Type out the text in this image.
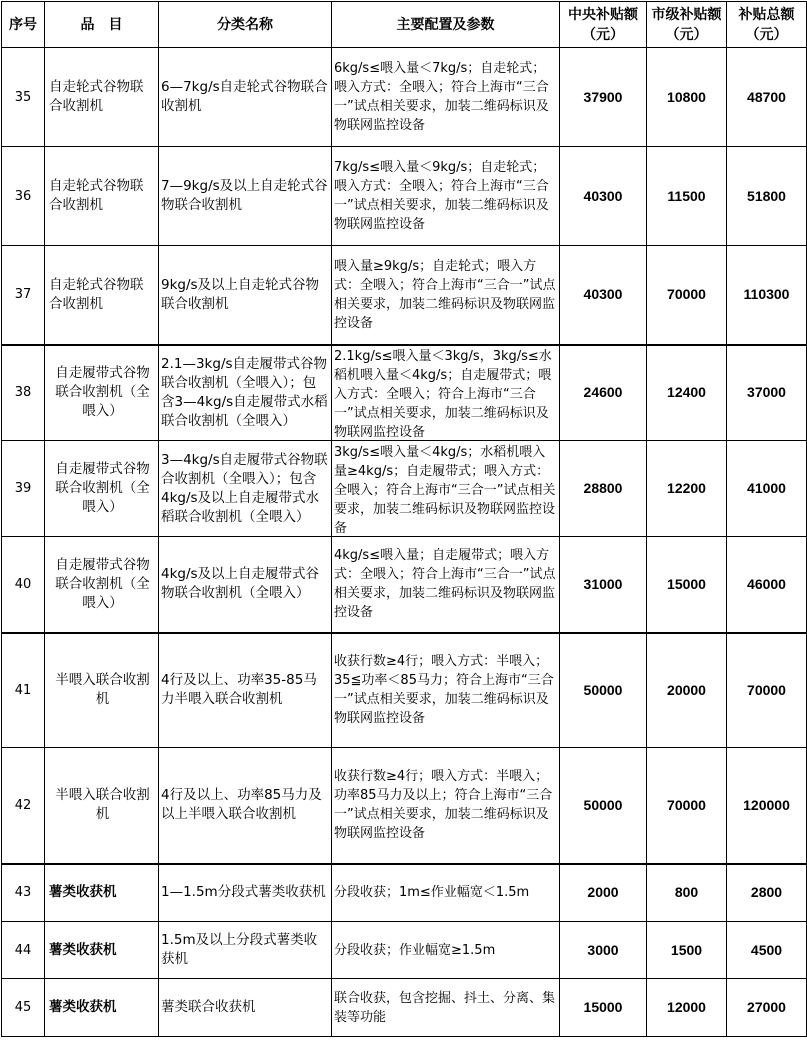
序号	品　目	分类名称	主要配置及参数	中央补贴额（元）	市级补贴额（元）	补贴总额（元）
35	自走轮式谷物联合收割机	6—7kg/s自走轮式谷物联合收割机	6kg/s≤喂入量＜7kg/s；自走轮式；喂入方式：全喂入；符合上海市“三合一”试点相关要求，加装二维码标识及物联网监控设备	37900	10800	48700
36	自走轮式谷物联合收割机	7—9kg/s及以上自走轮式谷物联合收割机	7kg/s≤喂入量＜9kg/s；自走轮式；喂入方式：全喂入；符合上海市“三合一”试点相关要求，加装二维码标识及物联网监控设备	40300	11500	51800
37	自走轮式谷物联合收割机	9kg/s及以上自走轮式谷物联合收割机	喂入量≥9kg/s；自走轮式；喂入方式：全喂入；符合上海市“三合一”试点相关要求，加装二维码标识及物联网监控设备	40300	70000	110300
38	自走履带式谷物联合收割机（全喂入）	2.1—3kg/s自走履带式谷物联合收割机（全喂入）；包含3—4kg/s自走履带式水稻联合收割机（全喂入）	2.1kg/s≤喂入量＜3kg/s，3kg/s≤水稻机喂入量＜4kg/s；自走履带式；喂入方式：全喂入；符合上海市“三合一”试点相关要求，加装二维码标识及物联网监控设备	24600	12400	37000
39	自走履带式谷物联合收割机（全喂入）	3—4kg/s自走履带式谷物联合收割机（全喂入）；包含4kg/s及以上自走履带式水稻联合收割机（全喂入）	3kg/s≤喂入量＜4kg/s；水稻机喂入量≥4kg/s；自走履带式；喂入方式：全喂入；符合上海市“三合一”试点相关要求，加装二维码标识及物联网监控设备	28800	12200	41000
40	自走履带式谷物联合收割机（全喂入）	4kg/s及以上自走履带式谷物联合收割机（全喂入）	4kg/s≤喂入量；自走履带式；喂入方式：全喂入；符合上海市“三合一”试点相关要求，加装二维码标识及物联网监控设备	31000	15000	46000
41	半喂入联合收割机	4行及以上、功率35-85马力半喂入联合收割机	收获行数≥4行；喂入方式：半喂入；35≦功率＜85马力；符合上海市“三合一”试点相关要求，加装二维码标识及物联网监控设备	50000	20000	70000
42	半喂入联合收割机	4行及以上、功率85马力及以上半喂入联合收割机	收获行数≥4行；喂入方式：半喂入；功率85马力及以上；符合上海市“三合一”试点相关要求，加装二维码标识及物联网监控设备	50000	70000	120000
43	薯类收获机	1—1.5m分段式薯类收获机	分段收获；1m≤作业幅宽＜1.5m	2000	800	2800
44	薯类收获机	1.5m及以上分段式薯类收获机	分段收获；作业幅宽≥1.5m	3000	1500	4500
45	薯类收获机	薯类联合收获机	联合收获，包含挖掘、抖土、分离、集装等功能	15000	12000	27000
